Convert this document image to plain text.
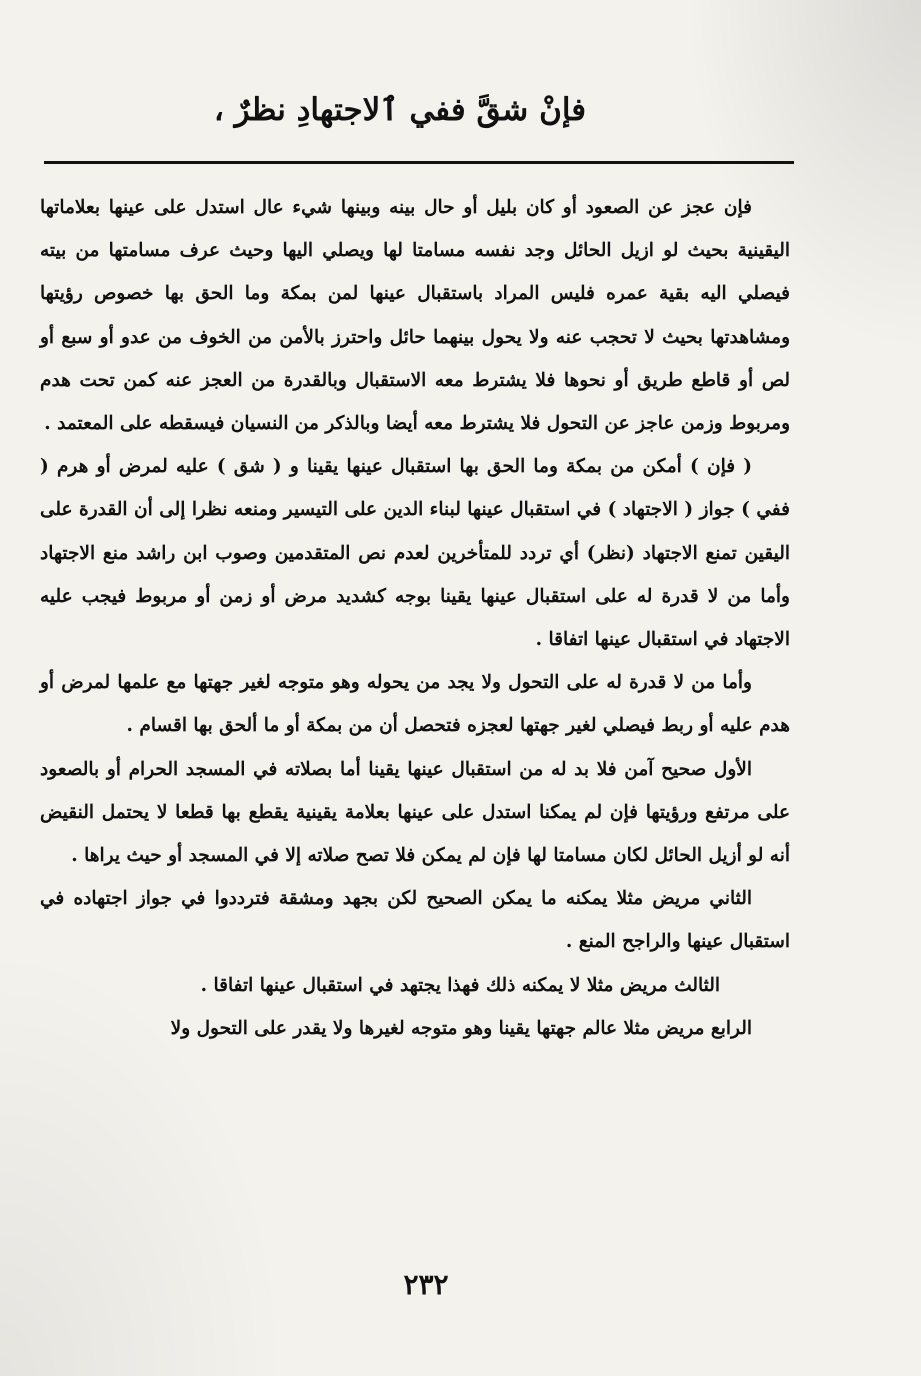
فإنْ شقَّ ففي ٱلاجتهادِ نظرٌ ،

فإن عجز عن الصعود أو كان بليل أو حال بينه وبينها شيء عال استدل على عينها بعلاماتها اليقينية بحيث لو ازيل الحائل وجد نفسه مسامتا لها ويصلي اليها وحيث عرف مسامتها من بيته فيصلي اليه بقية عمره فليس المراد باستقبال عينها لمن بمكة وما الحق بها خصوص رؤيتها ومشاهدتها بحيث لا تحجب عنه ولا يحول بينهما حائل واحترز بالأمن من الخوف من عدو أو سبع أو لص أو قاطع طريق أو نحوها فلا يشترط معه الاستقبال وبالقدرة من العجز عنه كمن تحت هدم ومربوط وزمن عاجز عن التحول فلا يشترط معه أيضا وبالذكر من النسيان فيسقطه على المعتمد .

( فإن ) أمكن من بمكة وما الحق بها استقبال عينها يقينا و ( شق ) عليه لمرض أو هرم ( ففي ) جواز ( الاجتهاد ) في استقبال عينها لبناء الدين على التيسير ومنعه نظرا إلى أن القدرة على اليقين تمنع الاجتهاد (نظر) أي تردد للمتأخرين لعدم نص المتقدمين وصوب ابن راشد منع الاجتهاد وأما من لا قدرة له على استقبال عينها يقينا بوجه كشديد مرض أو زمن أو مربوط فيجب عليه الاجتهاد في استقبال عينها اتفاقا .

وأما من لا قدرة له على التحول ولا يجد من يحوله وهو متوجه لغير جهتها مع علمها لمرض أو هدم عليه أو ربط فيصلي لغير جهتها لعجزه فتحصل أن من بمكة أو ما ألحق بها اقسام .

الأول صحيح آمن فلا بد له من استقبال عينها يقينا أما بصلاته في المسجد الحرام أو بالصعود على مرتفع ورؤيتها فإن لم يمكنا استدل على عينها بعلامة يقينية يقطع بها قطعا لا يحتمل النقيض أنه لو أزيل الحائل لكان مسامتا لها فإن لم يمكن فلا تصح صلاته إلا في المسجد أو حيث يراها .

الثاني مريض مثلا يمكنه ما يمكن الصحيح لكن بجهد ومشقة فترددوا في جواز اجتهاده في استقبال عينها والراجح المنع .

الثالث مريض مثلا لا يمكنه ذلك فهذا يجتهد في استقبال عينها اتفاقا .

الرابع مريض مثلا عالم جهتها يقينا وهو متوجه لغيرها ولا يقدر على التحول ولا

٢٣٢
